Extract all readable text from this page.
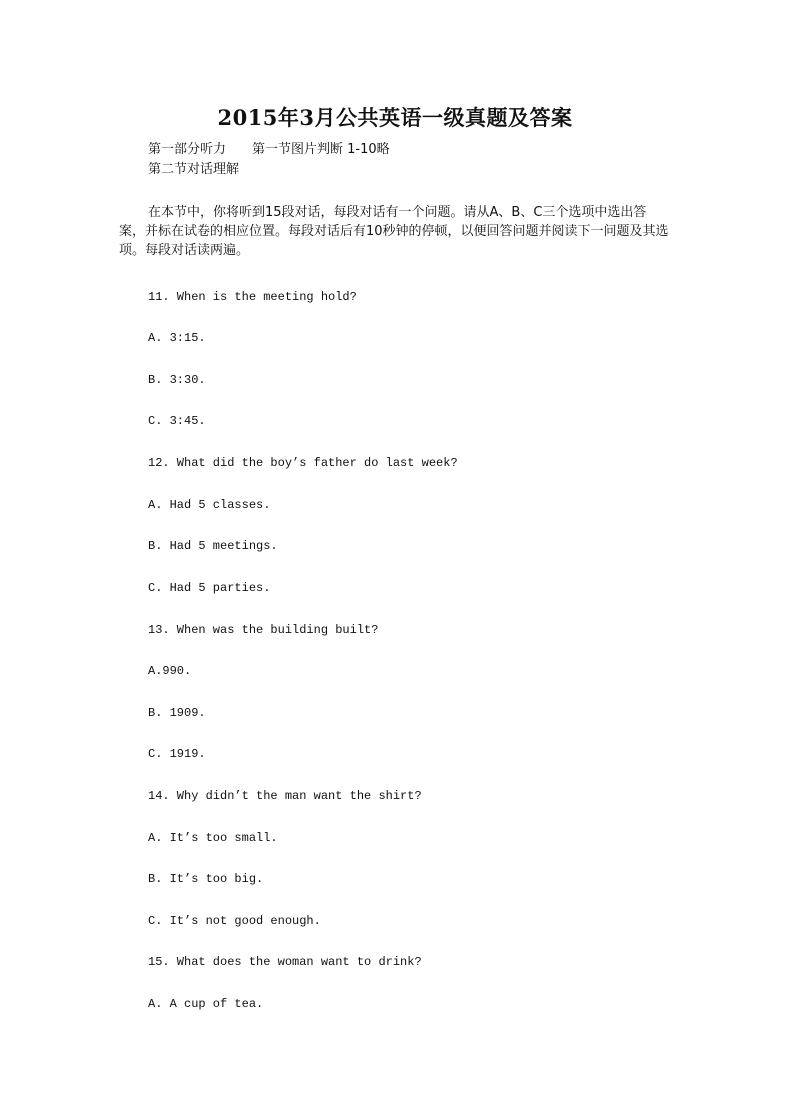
2015年3月公共英语一级真题及答案
第一部分听力 第一节图片判断 1-10略
第二节对话理解

在本节中，你将听到15段对话，每段对话有一个问题。请从A、B、C三个选项中选出答案，并标在试卷的相应位置。每段对话后有10秒钟的停顿，以便回答问题并阅读下一问题及其选项。每段对话读两遍。

11. When is the meeting hold?
A. 3:15.
B. 3:30.
C. 3:45.
12. What did the boy’s father do last week?
A. Had 5 classes.
B. Had 5 meetings.
C. Had 5 parties.
13. When was the building built?
A.990.
B. 1909.
C. 1919.
14. Why didn’t the man want the shirt?
A. It’s too small.
B. It’s too big.
C. It’s not good enough.
15. What does the woman want to drink?
A. A cup of tea.
